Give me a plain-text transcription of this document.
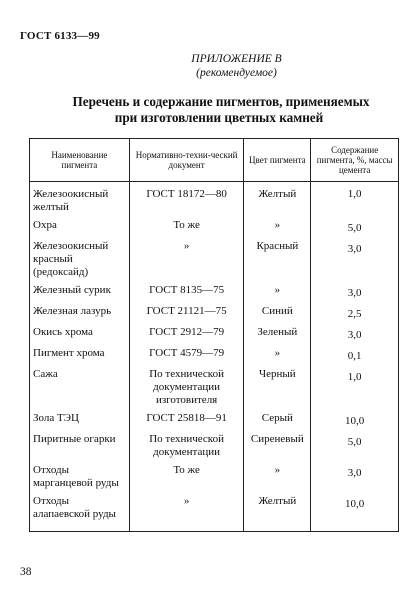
ГОСТ 6133—99
ПРИЛОЖЕНИЕ В
(рекомендуемое)
Перечень и содержание пигментов, применяемых
при изготовлении цветных камней
Наименование пигмента	Нормативно-техни-ческий документ	Цвет пигмента	Содержание пигмента, %, массы цемента
Железоокисный желтый	ГОСТ 18172—80	Желтый	1,0
Охра	То же	»	5,0
Железоокисный красный (редоксайд)	»	Красный	3,0
Железный сурик	ГОСТ 8135—75	»	3,0
Железная лазурь	ГОСТ 21121—75	Синий	2,5
Окись хрома	ГОСТ 2912—79	Зеленый	3,0
Пигмент хрома	ГОСТ 4579—79	»	0,1
Сажа	По технической документации изготовителя	Черный	1,0
Зола ТЭЦ	ГОСТ 25818—91	Серый	10,0
Пиритные огарки	По технической документации	Сиреневый	5,0
Отходы марганцевой руды	То же	»	3,0
Отходы алапаевской руды	»	Желтый	10,0
38
